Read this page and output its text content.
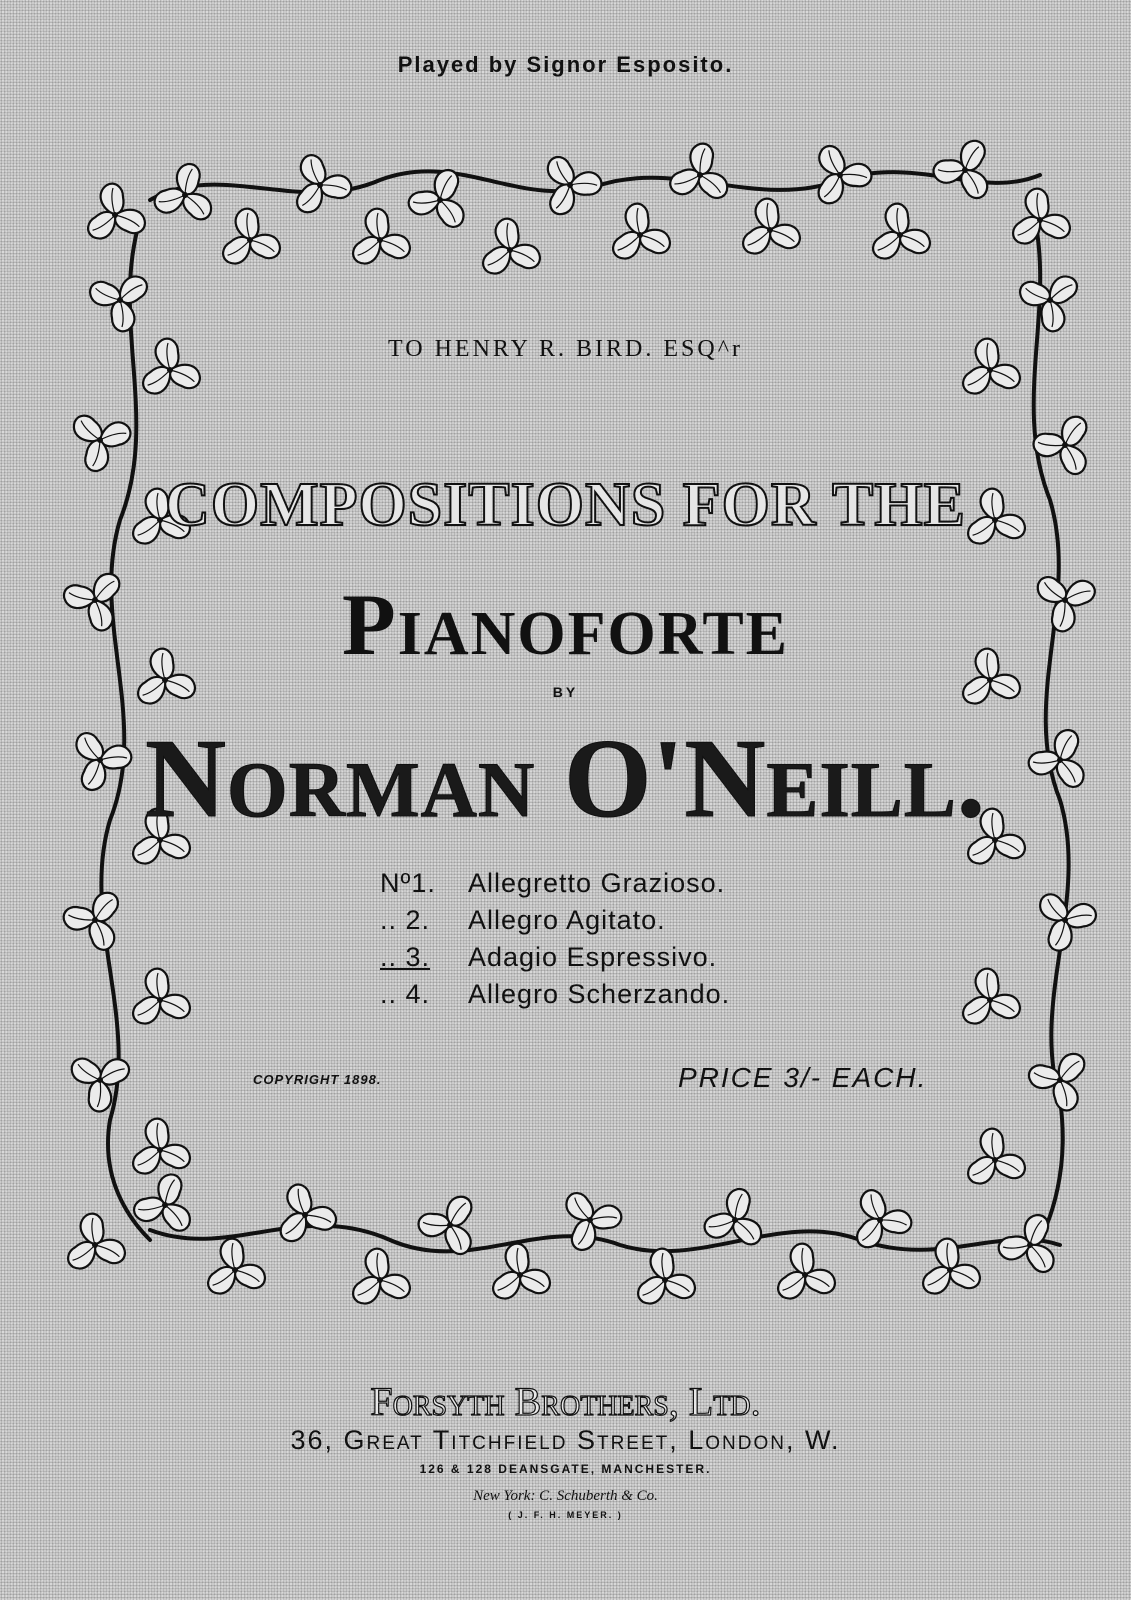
Played by Signor Esposito.
TO HENRY R. BIRD. ESQ^r
COMPOSITIONS FOR THE
Pianoforte
BY
Norman O'Neill.
Nº1.	Allegretto Grazioso.
.. 2.	Allegro Agitato.
.. 3.	Adagio Espressivo.
.. 4.	Allegro Scherzando.
COPYRIGHT 1898.	PRICE 3/- EACH.
Forsyth Brothers, Ltd.
36, Great Titchfield Street, London, W.
126 & 128 DEANSGATE, MANCHESTER.
New York: C. Schuberth & Co.
( J. F. H. MEYER. )
